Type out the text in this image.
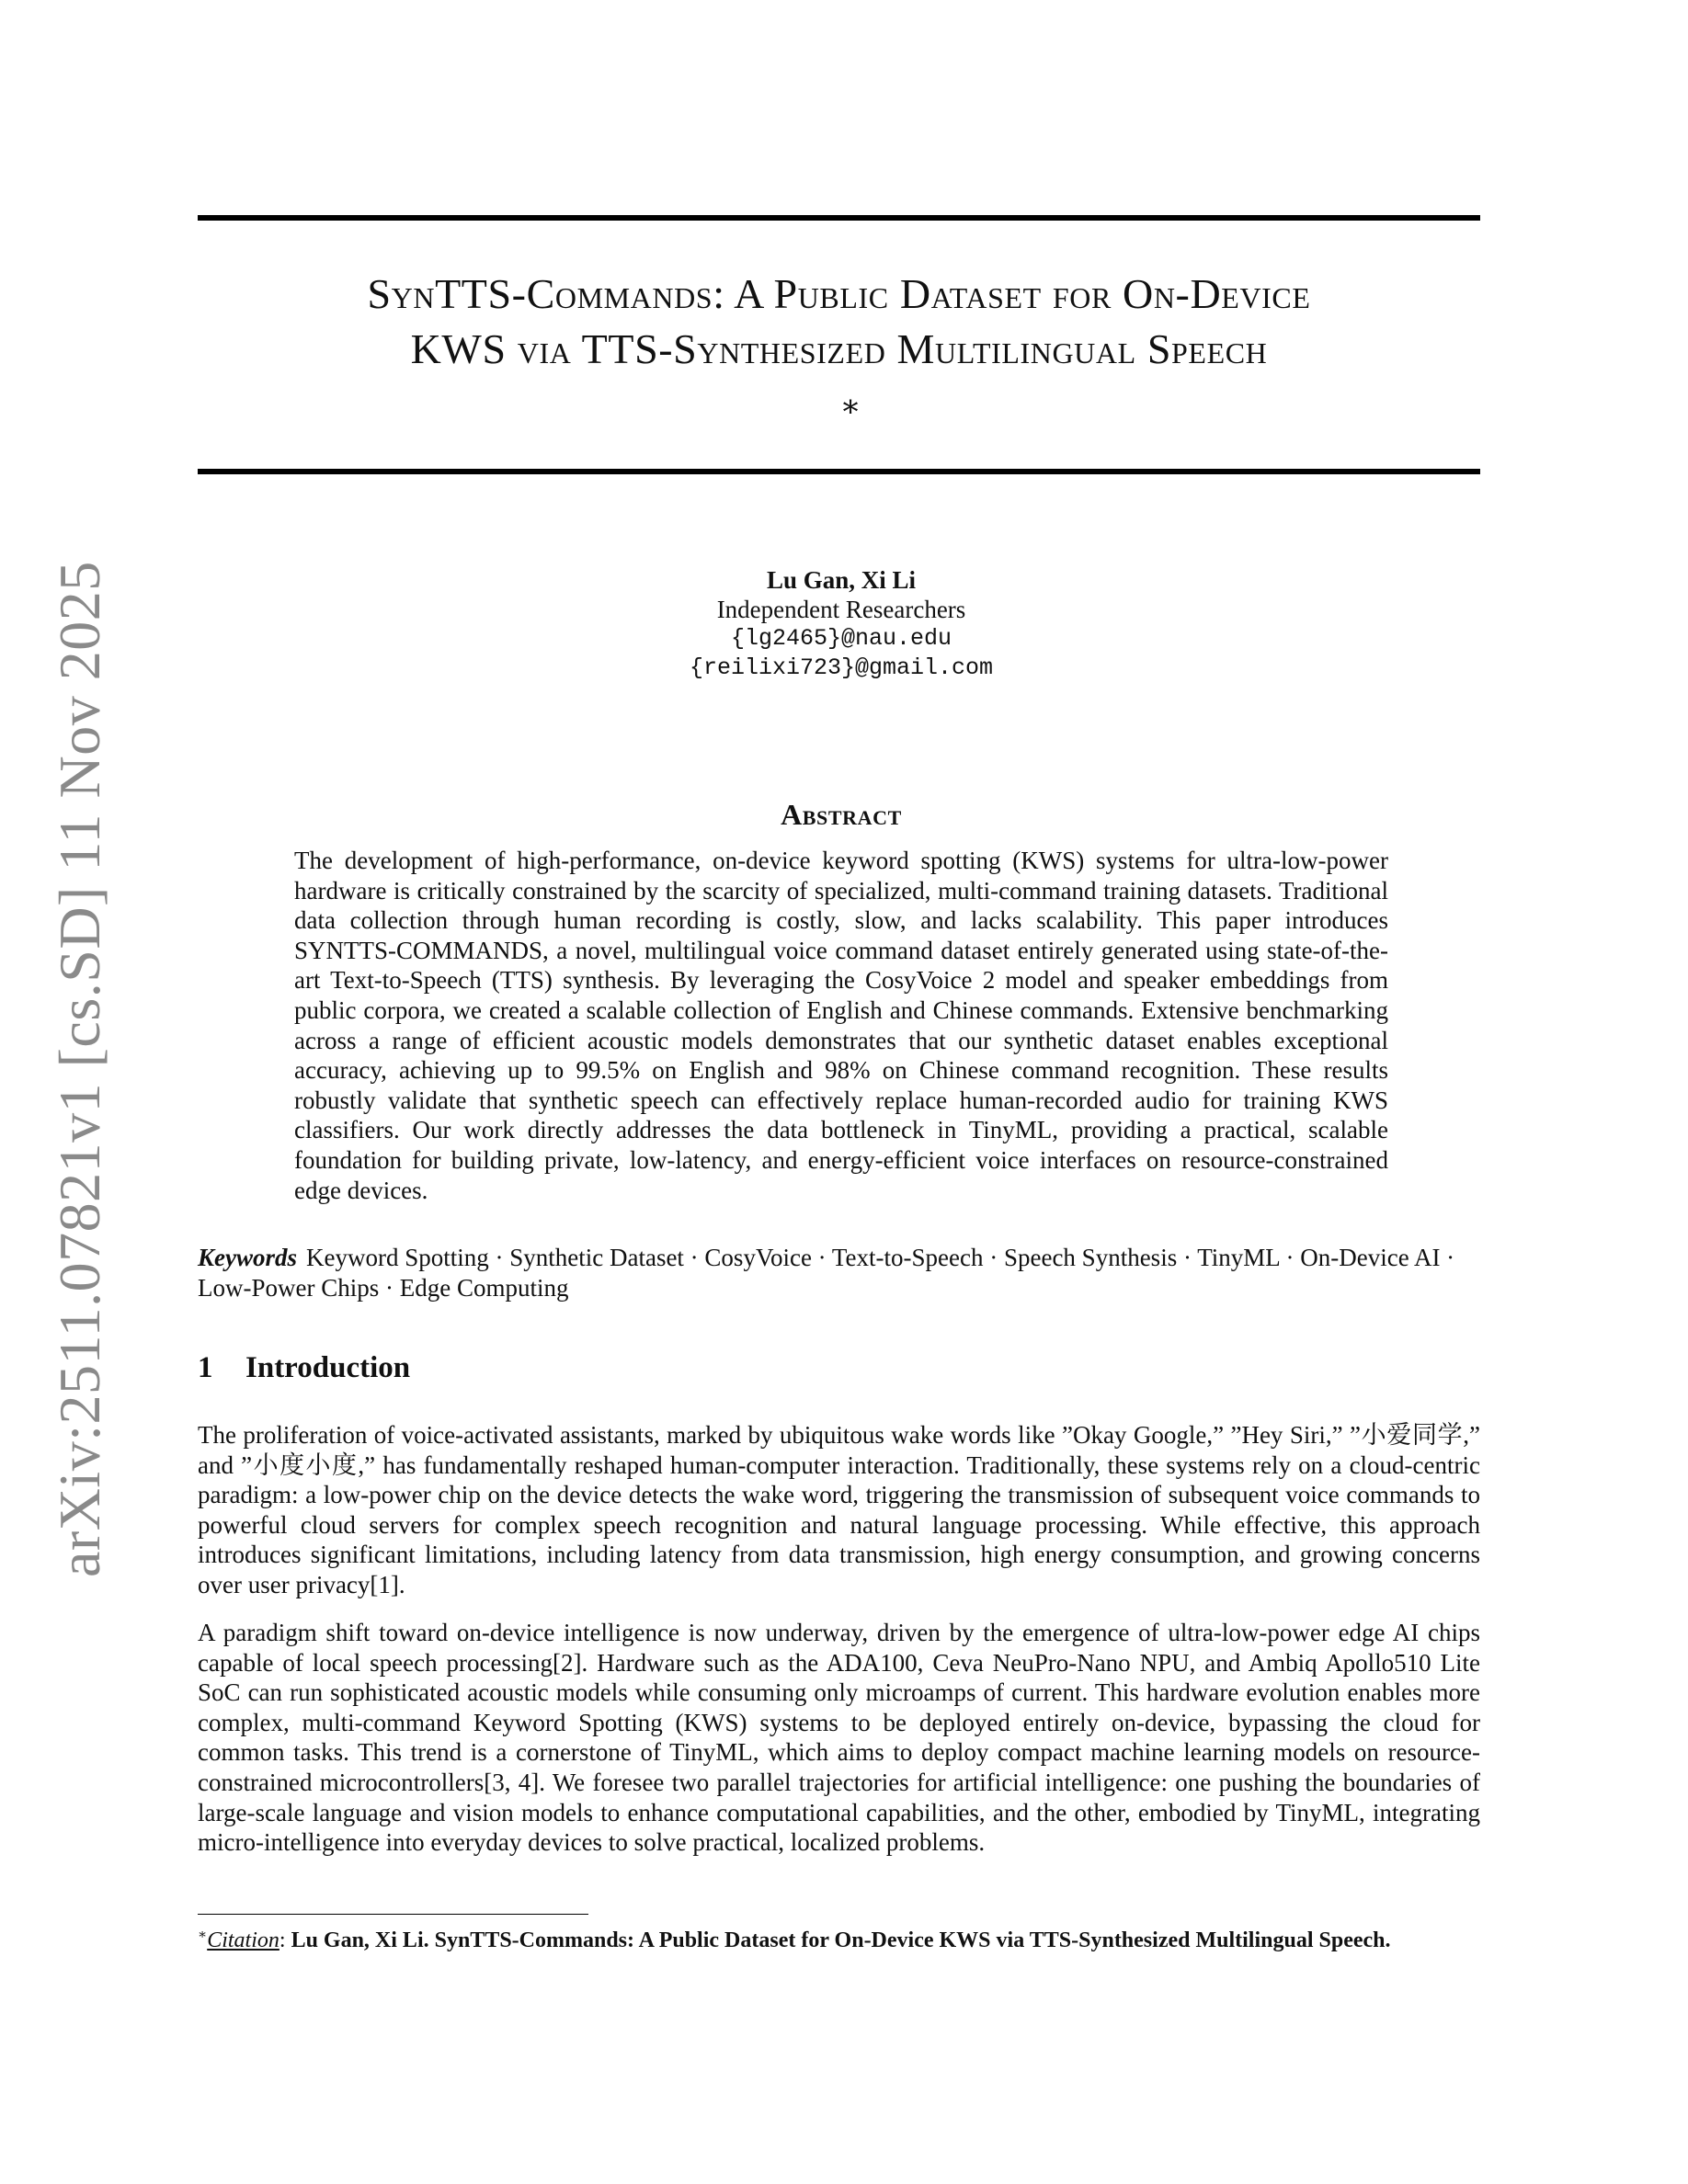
arXiv:2511.07821v1 [cs.SD] 11 Nov 2025
SynTTS-Commands: A Public Dataset for On-Device
KWS via TTS-Synthesized Multilingual Speech
∗
Lu Gan, Xi Li
Independent Researchers
{lg2465}@nau.edu
{reilixi723}@gmail.com
Abstract
The development of high-performance, on-device keyword spotting (KWS) systems for ultra-low-power hardware is critically constrained by the scarcity of specialized, multi-command training datasets. Traditional data collection through human recording is costly, slow, and lacks scalability. This paper introduces SYNTTS-COMMANDS, a novel, multilingual voice command dataset entirely generated using state-of-the-art Text-to-Speech (TTS) synthesis. By leveraging the CosyVoice 2 model and speaker embeddings from public corpora, we created a scalable collection of English and Chinese commands. Extensive benchmarking across a range of efficient acoustic models demonstrates that our synthetic dataset enables exceptional accuracy, achieving up to 99.5% on English and 98% on Chinese command recognition. These results robustly validate that synthetic speech can effectively replace human-recorded audio for training KWS classifiers. Our work directly addresses the data bottleneck in TinyML, providing a practical, scalable foundation for building private, low-latency, and energy-efficient voice interfaces on resource-constrained edge devices.
Keywords Keyword Spotting · Synthetic Dataset · CosyVoice · Text-to-Speech · Speech Synthesis · TinyML · On-Device AI · Low-Power Chips · Edge Computing
1 Introduction
The proliferation of voice-activated assistants, marked by ubiquitous wake words like ”Okay Google,” ”Hey Siri,” ”小爱同学,” and ”小度小度,” has fundamentally reshaped human-computer interaction. Traditionally, these systems rely on a cloud-centric paradigm: a low-power chip on the device detects the wake word, triggering the transmission of subsequent voice commands to powerful cloud servers for complex speech recognition and natural language processing. While effective, this approach introduces significant limitations, including latency from data transmission, high energy consumption, and growing concerns over user privacy[1].
A paradigm shift toward on-device intelligence is now underway, driven by the emergence of ultra-low-power edge AI chips capable of local speech processing[2]. Hardware such as the ADA100, Ceva NeuPro-Nano NPU, and Ambiq Apollo510 Lite SoC can run sophisticated acoustic models while consuming only microamps of current. This hardware evolution enables more complex, multi-command Keyword Spotting (KWS) systems to be deployed entirely on-device, bypassing the cloud for common tasks. This trend is a cornerstone of TinyML, which aims to deploy compact machine learning models on resource-constrained microcontrollers[3, 4]. We foresee two parallel trajectories for artificial intelligence: one pushing the boundaries of large-scale language and vision models to enhance computational capabilities, and the other, embodied by TinyML, integrating micro-intelligence into everyday devices to solve practical, localized problems.
∗Citation: Lu Gan, Xi Li. SynTTS-Commands: A Public Dataset for On-Device KWS via TTS-Synthesized Multilingual Speech.
